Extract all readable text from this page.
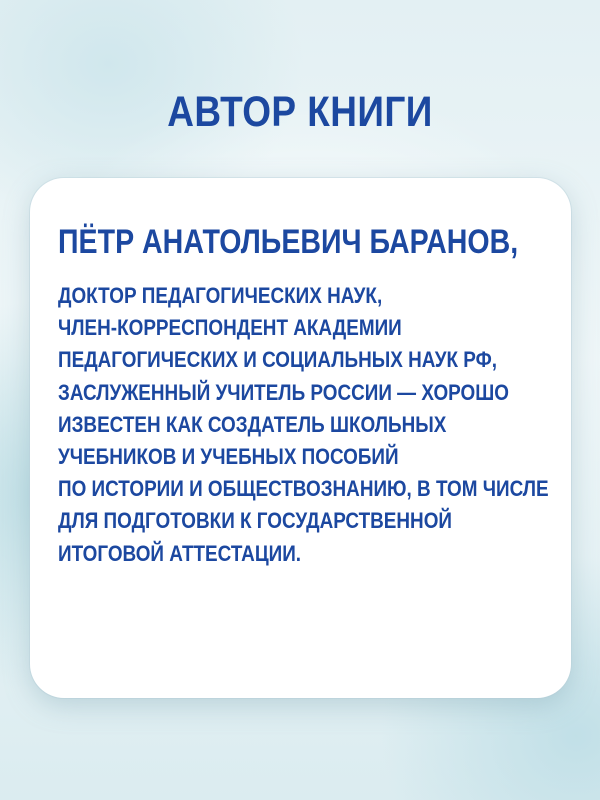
АВТОР КНИГИ
ПЁТР АНАТОЛЬЕВИЧ БАРАНОВ,
ДОКТОР ПЕДАГОГИЧЕСКИХ НАУК,
ЧЛЕН-КОРРЕСПОНДЕНТ АКАДЕМИИ
ПЕДАГОГИЧЕСКИХ И СОЦИАЛЬНЫХ НАУК РФ,
ЗАСЛУЖЕННЫЙ УЧИТЕЛЬ РОССИИ — ХОРОШО
ИЗВЕСТЕН КАК СОЗДАТЕЛЬ ШКОЛЬНЫХ
УЧЕБНИКОВ И УЧЕБНЫХ ПОСОБИЙ
ПО ИСТОРИИ И ОБЩЕСТВОЗНАНИЮ, В ТОМ ЧИСЛЕ
ДЛЯ ПОДГОТОВКИ К ГОСУДАРСТВЕННОЙ
ИТОГОВОЙ АТТЕСТАЦИИ.
